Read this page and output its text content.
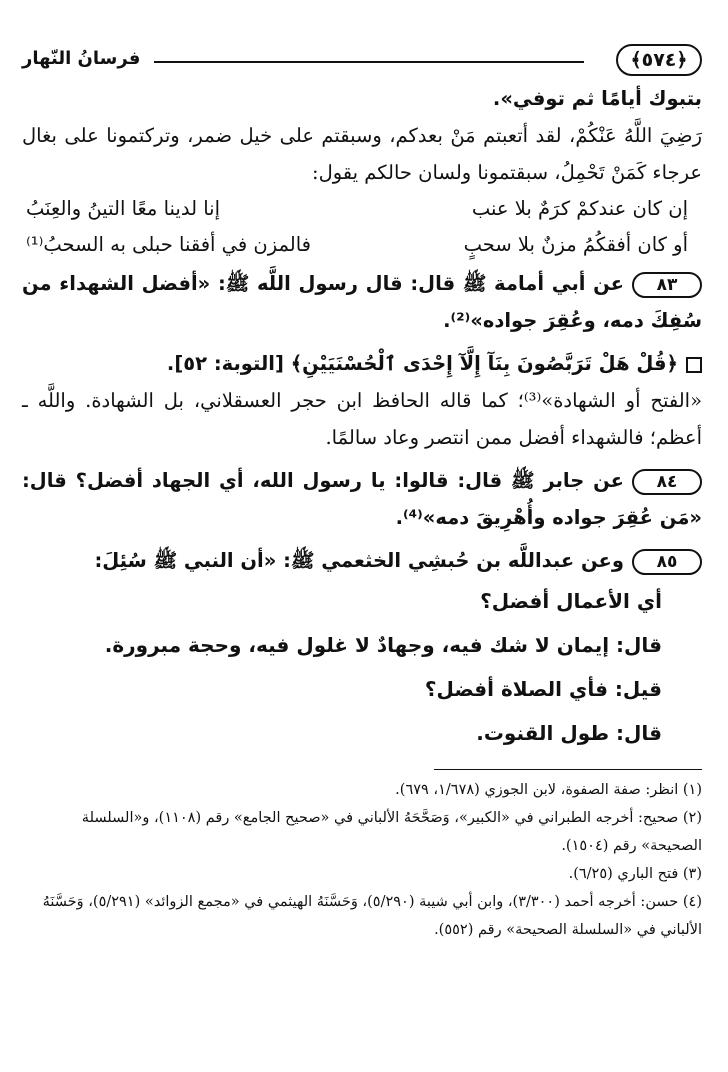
﴿٥٧٤﴾
فرسانُ النّهار

بتبوك أيامًا ثم توفي».

رَضِيَ اللَّهُ عَنْكُمْ، لقد أتعبتم مَنْ بعدكم، وسبقتم على خيل ضمر، وتركتمونا على بغال عرجاء كَمَنْ تَحْمِلُ، سبقتمونا ولسان حالكم يقول:

إن كان عندكمْ كرَمٌ بلا عنب
إنا لدينا معًا التينُ والعِنَبُ
أو كان أفقكُمُ مزنٌ بلا سحبٍ
فالمزن في أفقنا حبلى به السحبُ⁽¹⁾

٨٣عن أبي أمامة ﷺ قال: قال رسول اللَّه ﷺ: «أفضل الشهداء من سُفِكَ دمه، وعُقِرَ جواده»⁽²⁾.

﴿قُلْ هَلْ تَرَبَّصُونَ بِنَآ إِلَّآ إِحْدَى ٱلْحُسْنَيَيْنِ﴾ [التوبة: ٥٢].

«الفتح أو الشهادة»⁽³⁾؛ كما قاله الحافظ ابن حجر العسقلاني، بل الشهادة. واللَّه ـ أعظم؛ فالشهداء أفضل ممن انتصر وعاد سالمًا.

٨٤عن جابر ﷺ قال: قالوا: يا رسول الله، أي الجهاد أفضل؟ قال: «مَن عُقِرَ جواده وأُهْرِيقَ دمه»⁽⁴⁾.

٨٥وعن عبداللَّه بن حُبشِي الخثعمي ﷺ: «أن النبي ﷺ سُئِلَ:

أي الأعمال أفضل؟

قال: إيمان لا شك فيه، وجهادٌ لا غلول فيه، وحجة مبرورة.

قيل: فأي الصلاة أفضل؟

قال: طول القنوت.

(١) انظر: صفة الصفوة، لابن الجوزي (١/٦٧٨، ٦٧٩).

(٢) صحيح: أخرجه الطبراني في «الكبير»، وَصَحَّحَهُ الألباني في «صحيح الجامع» رقم (١١٠٨)، و«السلسلة الصحيحة» رقم (١٥٠٤).

(٣) فتح الباري (٦/٢٥).

(٤) حسن: أخرجه أحمد (٣/٣٠٠)، وابن أبي شيبة (٥/٢٩٠)، وَحَسَّنَهُ الهيثمي في «مجمع الزوائد» (٥/٢٩١)، وَحَسَّنَهُ الألباني في «السلسلة الصحيحة» رقم (٥٥٢).
